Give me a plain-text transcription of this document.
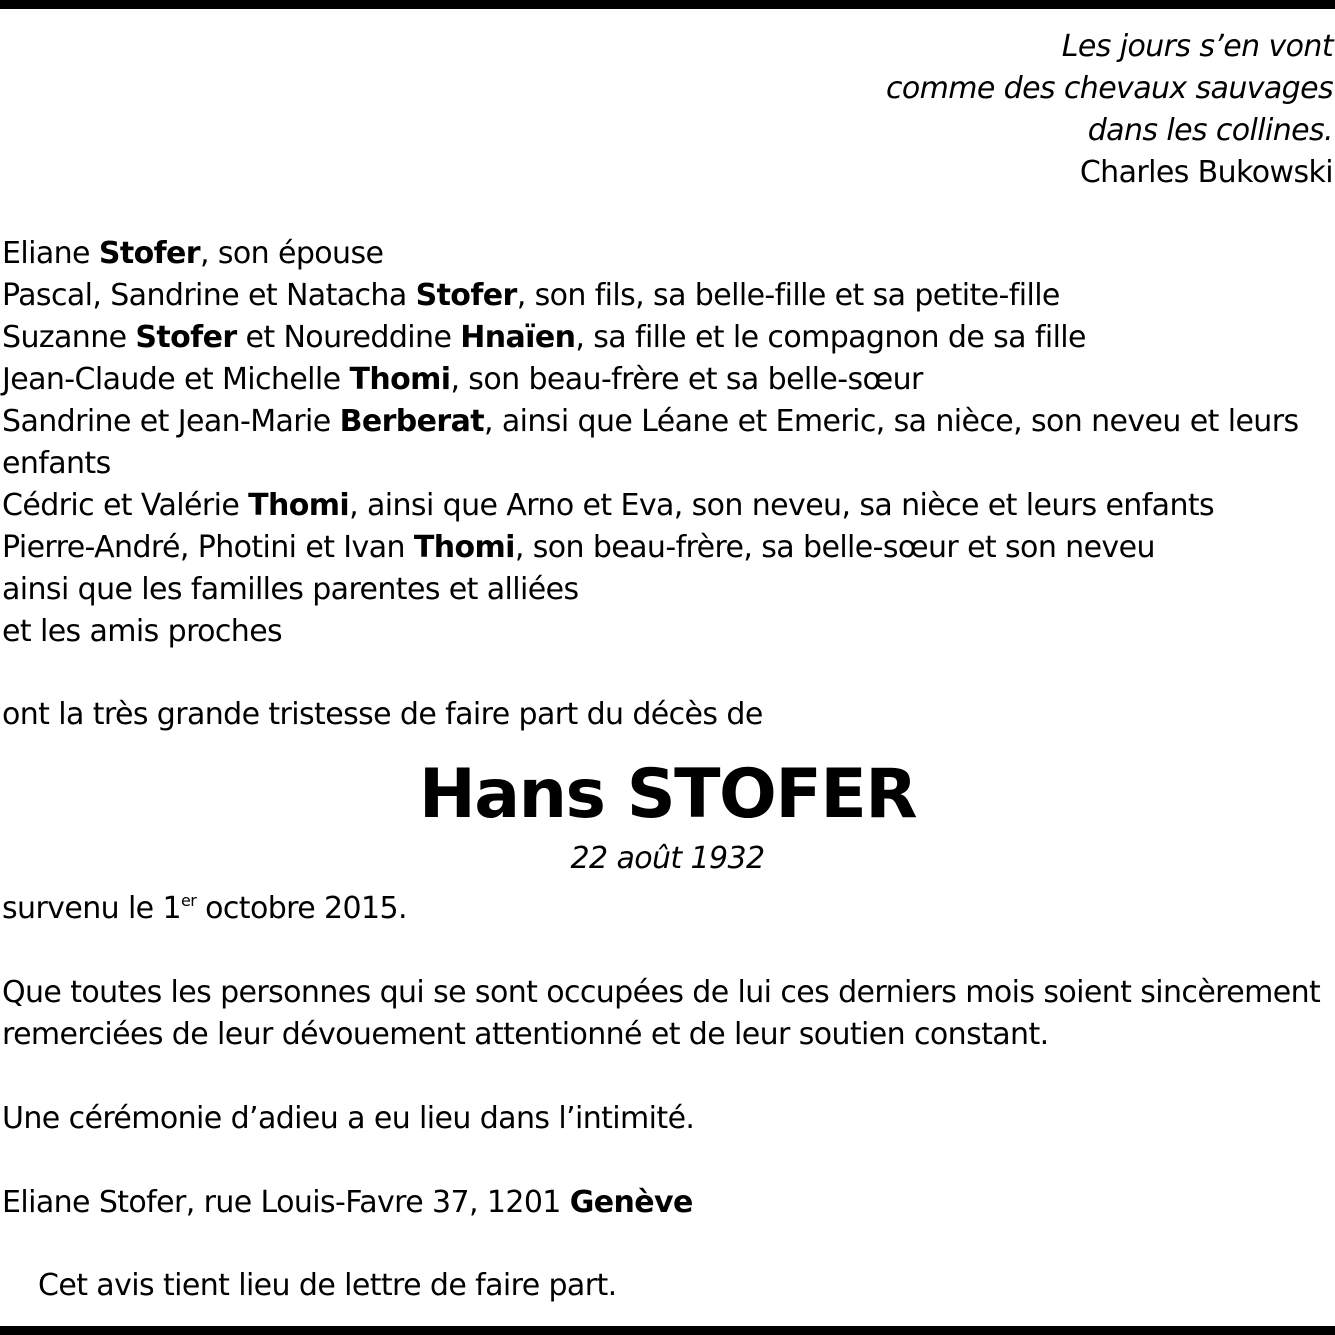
Les jours s’en vont
comme des chevaux sauvages
dans les collines.
Charles Bukowski
Eliane Stofer, son épouse
Pascal, Sandrine et Natacha Stofer, son fils, sa belle-fille et sa petite-fille
Suzanne Stofer et Noureddine Hnaïen, sa fille et le compagnon de sa fille
Jean-Claude et Michelle Thomi, son beau-frère et sa belle-sœur
Sandrine et Jean-Marie Berberat, ainsi que Léane et Emeric, sa nièce, son neveu et leurs
enfants
Cédric et Valérie Thomi, ainsi que Arno et Eva, son neveu, sa nièce et leurs enfants
Pierre-André, Photini et Ivan Thomi, son beau-frère, sa belle-sœur et son neveu
ainsi que les familles parentes et alliées
et les amis proches
ont la très grande tristesse de faire part du décès de
Hans STOFER
22 août 1932
survenu le 1er octobre 2015.
Que toutes les personnes qui se sont occupées de lui ces derniers mois soient sincèrement
remerciées de leur dévouement attentionné et de leur soutien constant.
Une cérémonie d’adieu a eu lieu dans l’intimité.
Eliane Stofer, rue Louis-Favre 37, 1201 Genève
Cet avis tient lieu de lettre de faire part.
